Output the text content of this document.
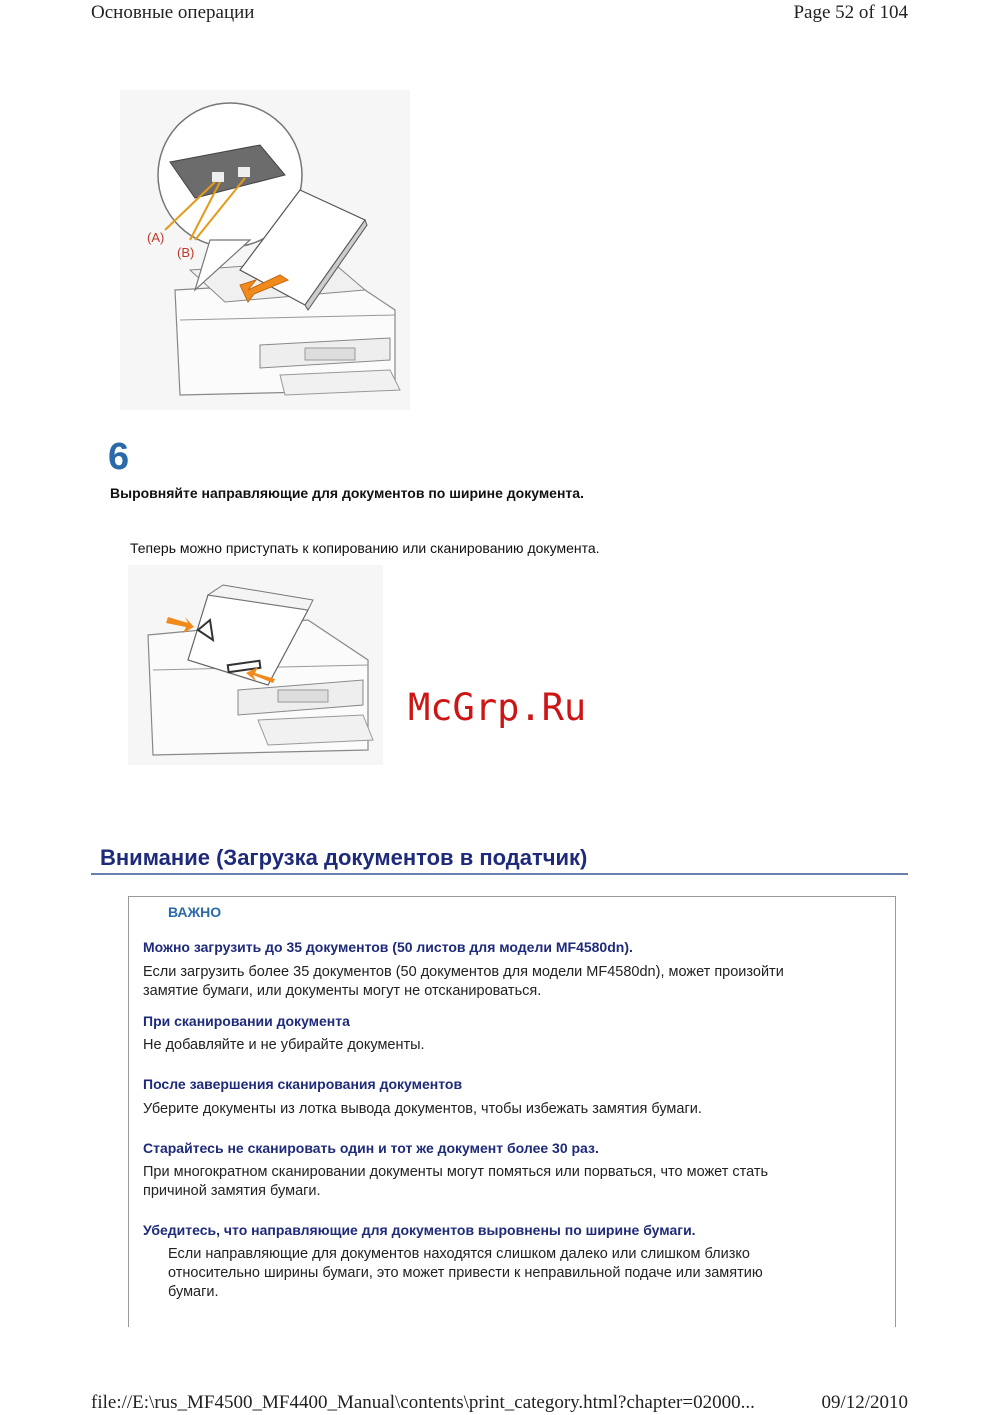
Основные операции	Page 52 of 104
(A)
(B)
6
Выровняйте направляющие для документов по ширине документа.
Теперь можно приступать к копированию или сканированию документа.
McGrp.Ru
Внимание (Загрузка документов в податчик)
ВАЖНО
Можно загрузить до 35 документов (50 листов для модели MF4580dn).
Если загрузить более 35 документов (50 документов для модели MF4580dn), может произойти
замятие бумаги, или документы могут не отсканироваться.
При сканировании документа
Не добавляйте и не убирайте документы.
После завершения сканирования документов
Уберите документы из лотка вывода документов, чтобы избежать замятия бумаги.
Старайтесь не сканировать один и тот же документ более 30 раз.
При многократном сканировании документы могут помяться или порваться, что может стать
причиной замятия бумаги.
Убедитесь, что направляющие для документов выровнены по ширине бумаги.
Если направляющие для документов находятся слишком далеко или слишком близко
относительно ширины бумаги, это может привести к неправильной подаче или замятию
бумаги.
file://E:\rus_MF4500_MF4400_Manual\contents\print_category.html?chapter=02000...	09/12/2010
